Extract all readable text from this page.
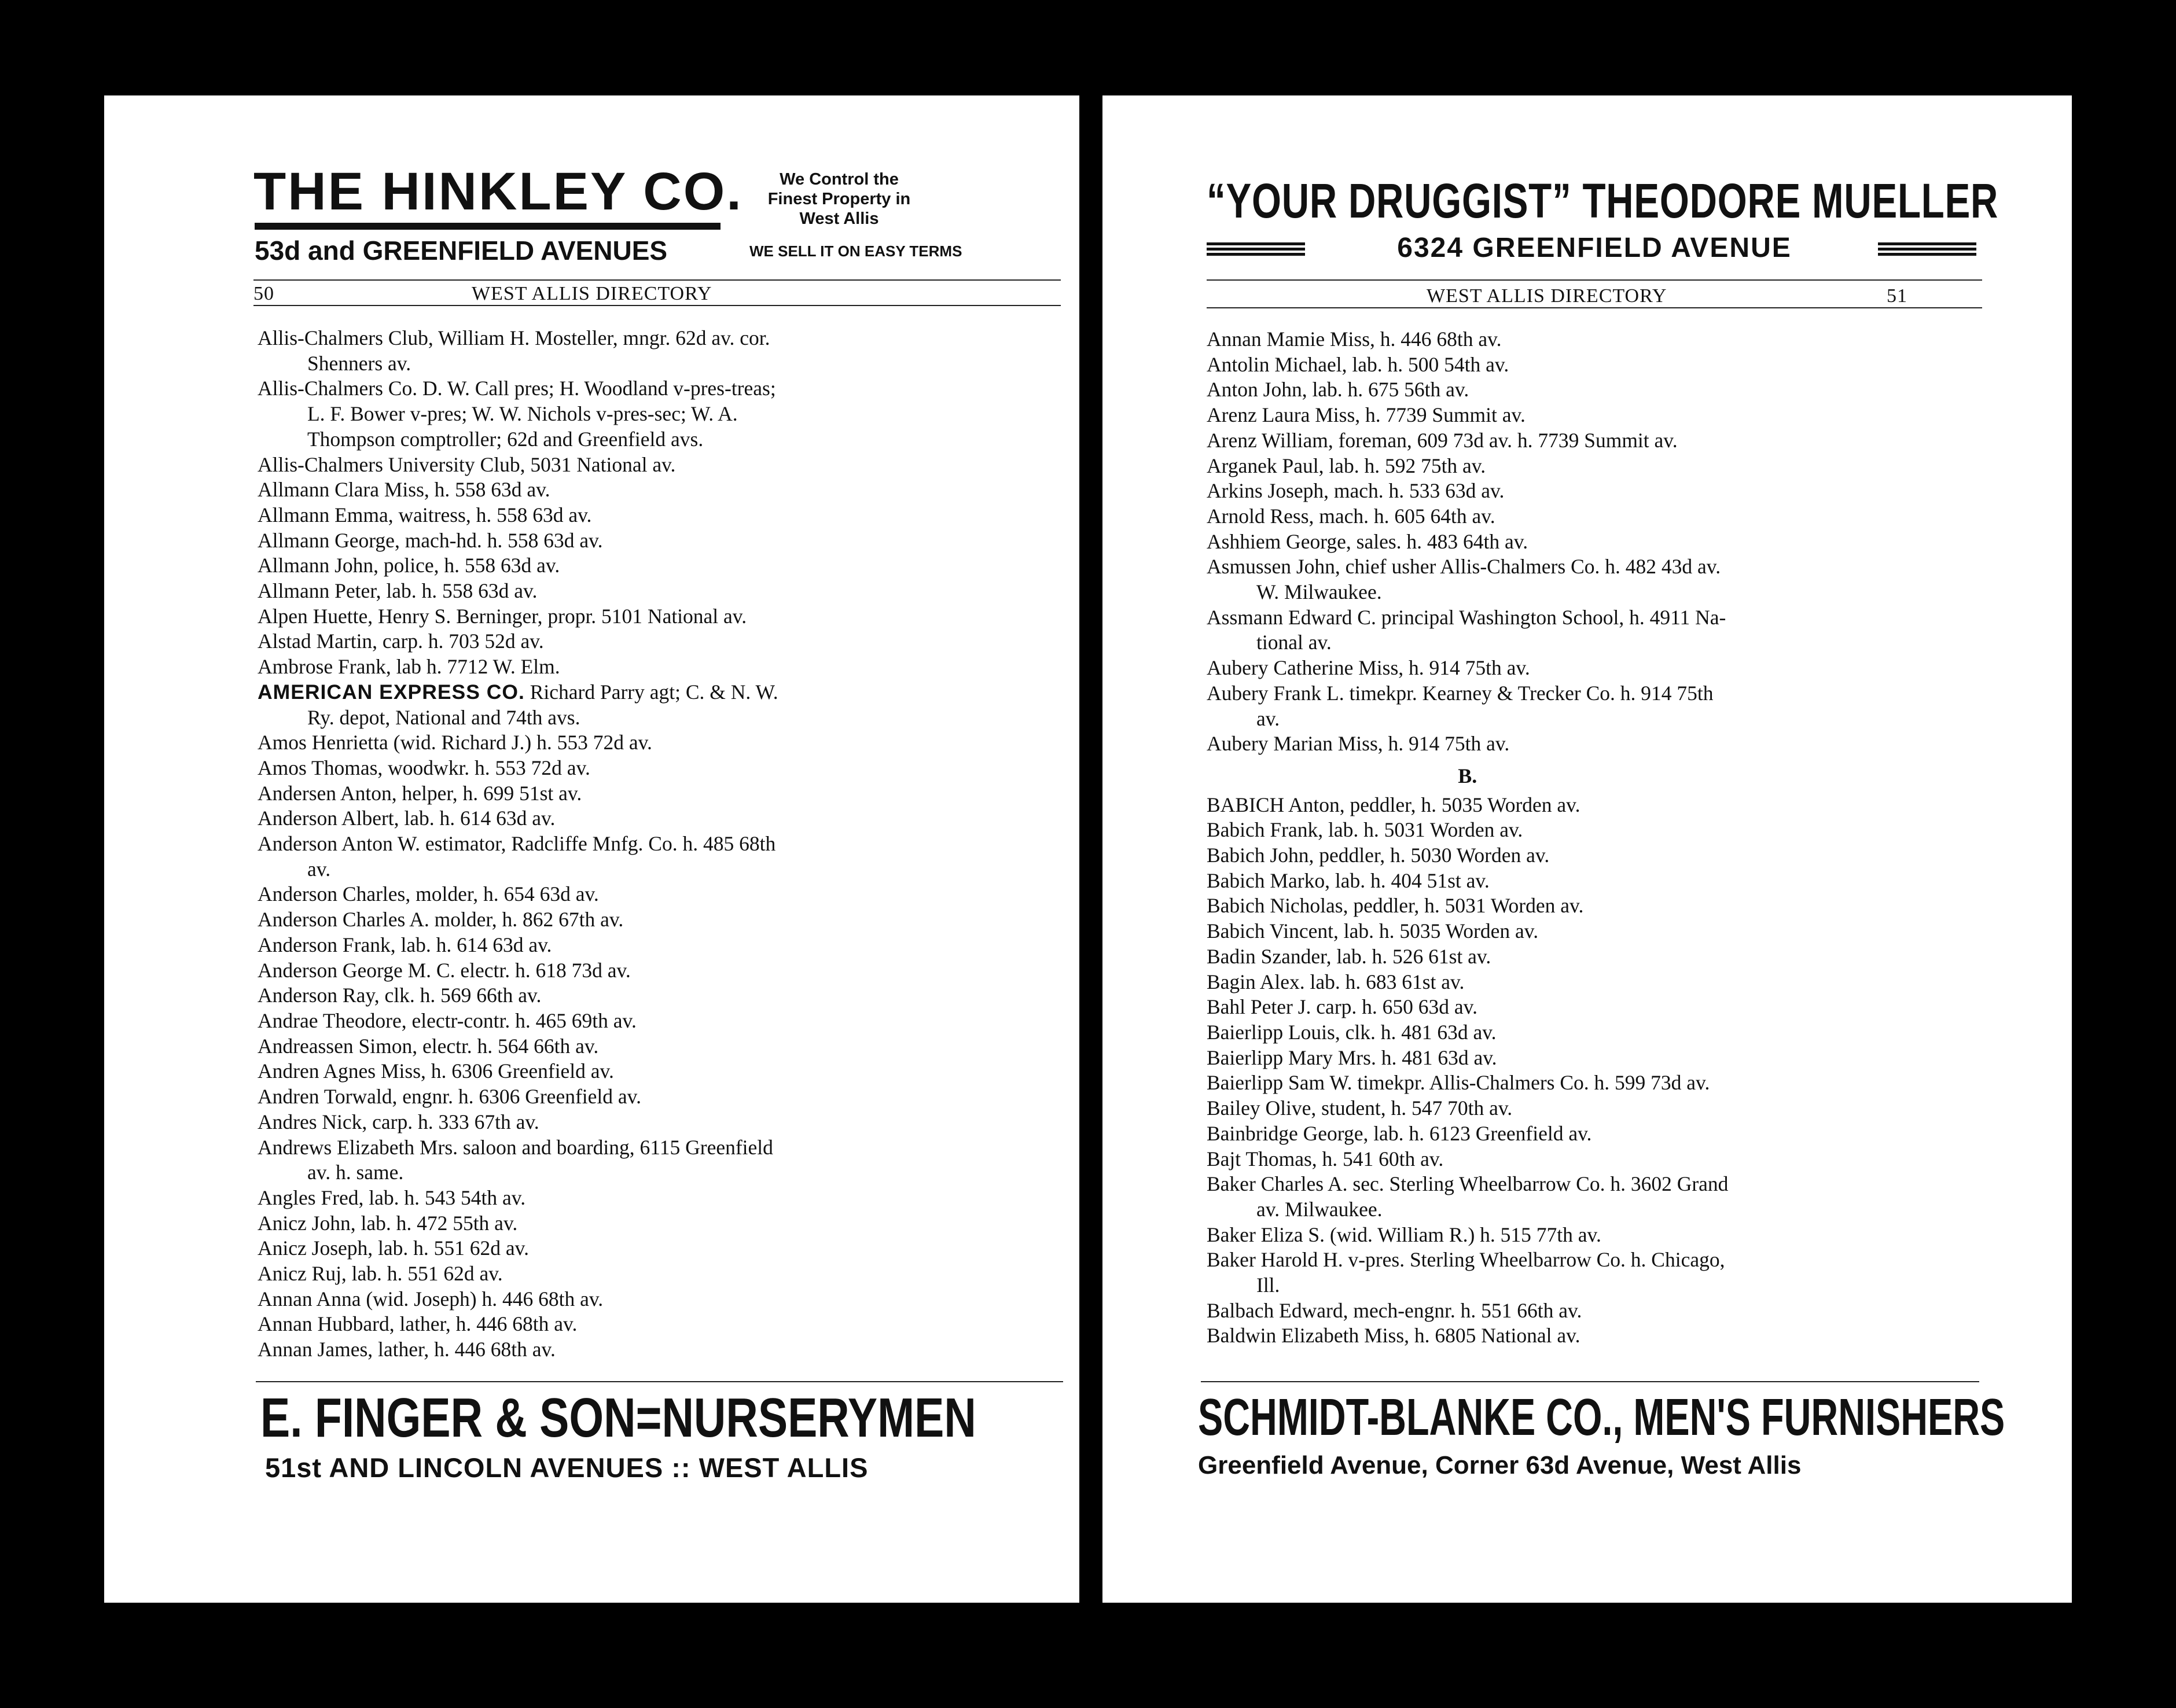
THE HINKLEY CO.
53d and GREENFIELD AVENUES
We Control the
Finest Property in
West Allis
WE SELL IT ON EASY TERMS
50	WEST ALLIS DIRECTORY
Allis-Chalmers Club, William H. Mosteller, mngr. 62d av. cor.
Shenners av.
Allis-Chalmers Co. D. W. Call pres; H. Woodland v-pres-treas;
L. F. Bower v-pres; W. W. Nichols v-pres-sec; W. A.
Thompson comptroller; 62d and Greenfield avs.
Allis-Chalmers University Club, 5031 National av.
Allmann Clara Miss, h. 558 63d av.
Allmann Emma, waitress, h. 558 63d av.
Allmann George, mach-hd. h. 558 63d av.
Allmann John, police, h. 558 63d av.
Allmann Peter, lab. h. 558 63d av.
Alpen Huette, Henry S. Berninger, propr. 5101 National av.
Alstad Martin, carp. h. 703 52d av.
Ambrose Frank, lab h. 7712 W. Elm.
AMERICAN EXPRESS CO. Richard Parry agt; C. & N. W.
Ry. depot, National and 74th avs.
Amos Henrietta (wid. Richard J.) h. 553 72d av.
Amos Thomas, woodwkr. h. 553 72d av.
Andersen Anton, helper, h. 699 51st av.
Anderson Albert, lab. h. 614 63d av.
Anderson Anton W. estimator, Radcliffe Mnfg. Co. h. 485 68th
av.
Anderson Charles, molder, h. 654 63d av.
Anderson Charles A. molder, h. 862 67th av.
Anderson Frank, lab. h. 614 63d av.
Anderson George M. C. electr. h. 618 73d av.
Anderson Ray, clk. h. 569 66th av.
Andrae Theodore, electr-contr. h. 465 69th av.
Andreassen Simon, electr. h. 564 66th av.
Andren Agnes Miss, h. 6306 Greenfield av.
Andren Torwald, engnr. h. 6306 Greenfield av.
Andres Nick, carp. h. 333 67th av.
Andrews Elizabeth Mrs. saloon and boarding, 6115 Greenfield
av. h. same.
Angles Fred, lab. h. 543 54th av.
Anicz John, lab. h. 472 55th av.
Anicz Joseph, lab. h. 551 62d av.
Anicz Ruj, lab. h. 551 62d av.
Annan Anna (wid. Joseph) h. 446 68th av.
Annan Hubbard, lather, h. 446 68th av.
Annan James, lather, h. 446 68th av.
E. FINGER & SON=NURSERYMEN
51st AND LINCOLN AVENUES :: WEST ALLIS
“YOUR DRUGGIST” THEODORE MUELLER
6324 GREENFIELD AVENUE
WEST ALLIS DIRECTORY	51
Annan Mamie Miss, h. 446 68th av.
Antolin Michael, lab. h. 500 54th av.
Anton John, lab. h. 675 56th av.
Arenz Laura Miss, h. 7739 Summit av.
Arenz William, foreman, 609 73d av. h. 7739 Summit av.
Arganek Paul, lab. h. 592 75th av.
Arkins Joseph, mach. h. 533 63d av.
Arnold Ress, mach. h. 605 64th av.
Ashhiem George, sales. h. 483 64th av.
Asmussen John, chief usher Allis-Chalmers Co. h. 482 43d av.
W. Milwaukee.
Assmann Edward C. principal Washington School, h. 4911 Na-
tional av.
Aubery Catherine Miss, h. 914 75th av.
Aubery Frank L. timekpr. Kearney & Trecker Co. h. 914 75th
av.
Aubery Marian Miss, h. 914 75th av.
B.
BABICH Anton, peddler, h. 5035 Worden av.
Babich Frank, lab. h. 5031 Worden av.
Babich John, peddler, h. 5030 Worden av.
Babich Marko, lab. h. 404 51st av.
Babich Nicholas, peddler, h. 5031 Worden av.
Babich Vincent, lab. h. 5035 Worden av.
Badin Szander, lab. h. 526 61st av.
Bagin Alex. lab. h. 683 61st av.
Bahl Peter J. carp. h. 650 63d av.
Baierlipp Louis, clk. h. 481 63d av.
Baierlipp Mary Mrs. h. 481 63d av.
Baierlipp Sam W. timekpr. Allis-Chalmers Co. h. 599 73d av.
Bailey Olive, student, h. 547 70th av.
Bainbridge George, lab. h. 6123 Greenfield av.
Bajt Thomas, h. 541 60th av.
Baker Charles A. sec. Sterling Wheelbarrow Co. h. 3602 Grand
av. Milwaukee.
Baker Eliza S. (wid. William R.) h. 515 77th av.
Baker Harold H. v-pres. Sterling Wheelbarrow Co. h. Chicago,
Ill.
Balbach Edward, mech-engnr. h. 551 66th av.
Baldwin Elizabeth Miss, h. 6805 National av.
SCHMIDT-BLANKE CO., MEN'S FURNISHERS
Greenfield Avenue, Corner 63d Avenue, West Allis
